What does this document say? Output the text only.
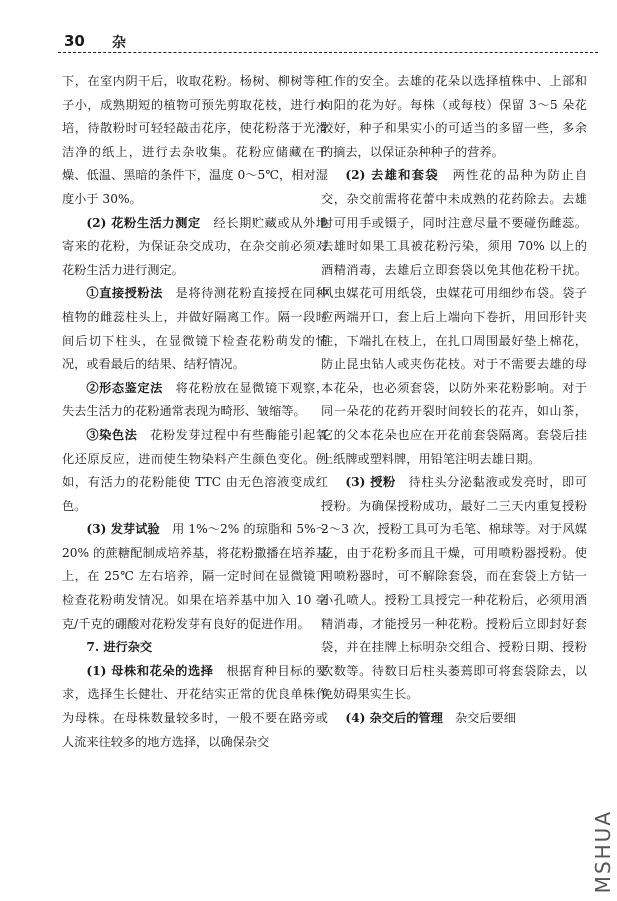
30 杂

下，在室内阴干后，收取花粉。杨树、柳树等种子小，成熟期短的植物可预先剪取花枝，进行水培，待散粉时可轻轻敲击花序，使花粉落于光滑洁净的纸上，进行去杂收集。花粉应储藏在干燥、低温、黑暗的条件下，温度 0～5℃，相对湿度小于 30%。

(2) 花粉生活力测定　 经长期贮藏或从外地寄来的花粉，为保证杂交成功，在杂交前必须对花粉生活力进行测定。

①直接授粉法　 是将待测花粉直接授在同种植物的雌蕊柱头上，并做好隔离工作。隔一段时间后切下柱头，在显微镜下检查花粉萌发的情况，或看最后的结果、结籽情况。

②形态鉴定法　 将花粉放在显微镜下观察，失去生活力的花粉通常表现为畸形、皱缩等。

③染色法　 花粉发芽过程中有些酶能引起氧化还原反应，进而使生物染料产生颜色变化。例如，有活力的花粉能使 TTC 由无色溶液变成红色。

(3) 发芽试验　 用 1%～2% 的琼脂和 5%～20% 的蔗糖配制成培养基，将花粉撒播在培养基上，在 25℃ 左右培养，隔一定时间在显微镜下检查花粉萌发情况。如果在培养基中加入 10 毫克/千克的硼酸对花粉发芽有良好的促进作用。

7. 进行杂交

(1) 母株和花朵的选择　 根据育种目标的要求，选择生长健壮、开花结实正常的优良单株作为母株。在母株数量较多时，一般不要在路旁或人流来往较多的地方选择，以确保杂交

工作的安全。去雄的花朵以选择植株中、上部和向阳的花为好。每株（或每枝）保留 3～5 朵花较好，种子和果实小的可适当的多留一些，多余的摘去，以保证杂种种子的营养。

(2) 去雄和套袋　 两性花的品种为防止自交，杂交前需将花蕾中未成熟的花药除去。去雄时可用手或镊子，同时注意尽量不要碰伤雌蕊。去雄时如果工具被花粉污染，须用 70% 以上的酒精消毒，去雄后立即套袋以免其他花粉干扰。风虫媒花可用纸袋，虫媒花可用细纱布袋。袋子应两端开口，套上后上端向下卷折，用回形针夹住，下端扎在枝上，在扎口周围最好垫上棉花，防止昆虫钻人或夹伤花枝。对于不需要去雄的母本花朵，也必须套袋，以防外来花粉影响。对于同一朵花的花药开裂时间较长的花卉，如山茶，它的父本花朵也应在开花前套袋隔离。套袋后挂上纸牌或塑料牌，用铅笔注明去雄日期。

(3) 授粉　 待柱头分泌黏液或发亮时，即可授粉。为确保授粉成功，最好二三天内重复授粉 2～3 次，授粉工具可为毛笔、棉球等。对于风媒花，由于花粉多而且干燥，可用喷粉器授粉。使用喷粉器时，可不解除套袋，而在套袋上方钻一小孔喷人。授粉工具授完一种花粉后，必须用酒精消毒，才能授另一种花粉。授粉后立即封好套袋，并在挂牌上标明杂交组合、授粉日期、授粉次数等。待数日后柱头萎蔫即可将套袋除去，以免妨碍果实生长。

(4) 杂交后的管理　 杂交后要细

MSHUA
